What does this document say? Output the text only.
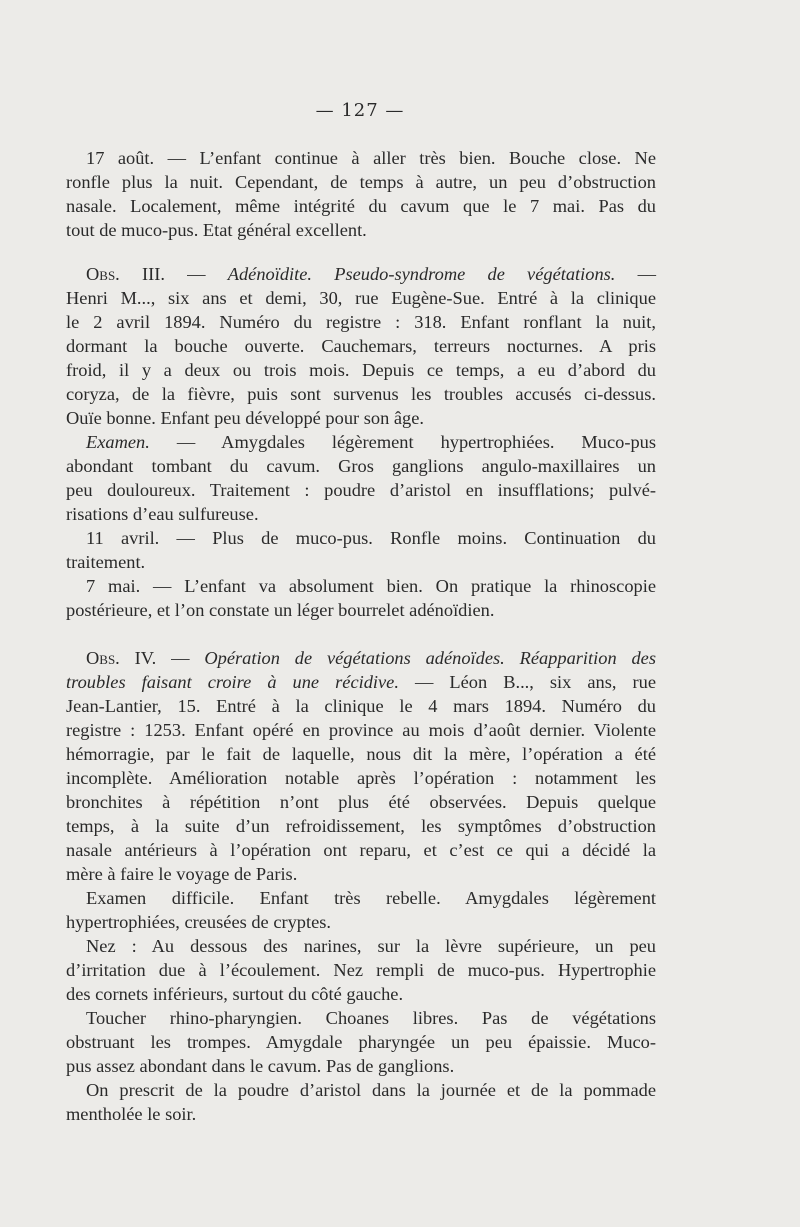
— 127 —
17 août. — L’enfant continue à aller très bien. Bouche close. Ne
ronfle plus la nuit. Cependant, de temps à autre, un peu d’obstruction
nasale. Localement, même intégrité du cavum que le 7 mai. Pas du
tout de muco-pus. Etat général excellent.
Obs. III. — Adénoïdite. Pseudo-syndrome de végétations. —
Henri M..., six ans et demi, 30, rue Eugène-Sue. Entré à la clinique
le 2 avril 1894. Numéro du registre : 318. Enfant ronflant la nuit,
dormant la bouche ouverte. Cauchemars, terreurs nocturnes. A pris
froid, il y a deux ou trois mois. Depuis ce temps, a eu d’abord du
coryza, de la fièvre, puis sont survenus les troubles accusés ci-dessus.
Ouïe bonne. Enfant peu développé pour son âge.
Examen. — Amygdales légèrement hypertrophiées. Muco-pus
abondant tombant du cavum. Gros ganglions angulo-maxillaires un
peu douloureux. Traitement : poudre d’aristol en insufflations; pulvé-
risations d’eau sulfureuse.
11 avril. — Plus de muco-pus. Ronfle moins. Continuation du
traitement.
7 mai. — L’enfant va absolument bien. On pratique la rhinoscopie
postérieure, et l’on constate un léger bourrelet adénoïdien.
Obs. IV. — Opération de végétations adénoïdes. Réapparition des
troubles faisant croire à une récidive. — Léon B..., six ans, rue
Jean-Lantier, 15. Entré à la clinique le 4 mars 1894. Numéro du
registre : 1253. Enfant opéré en province au mois d’août dernier. Violente
hémorragie, par le fait de laquelle, nous dit la mère, l’opération a été
incomplète. Amélioration notable après l’opération : notamment les
bronchites à répétition n’ont plus été observées. Depuis quelque
temps, à la suite d’un refroidissement, les symptômes d’obstruction
nasale antérieurs à l’opération ont reparu, et c’est ce qui a décidé la
mère à faire le voyage de Paris.
Examen difficile. Enfant très rebelle. Amygdales légèrement
hypertrophiées, creusées de cryptes.
Nez : Au dessous des narines, sur la lèvre supérieure, un peu
d’irritation due à l’écoulement. Nez rempli de muco-pus. Hypertrophie
des cornets inférieurs, surtout du côté gauche.
Toucher rhino-pharyngien. Choanes libres. Pas de végétations
obstruant les trompes. Amygdale pharyngée un peu épaissie. Muco-
pus assez abondant dans le cavum. Pas de ganglions.
On prescrit de la poudre d’aristol dans la journée et de la pommade
mentholée le soir.
